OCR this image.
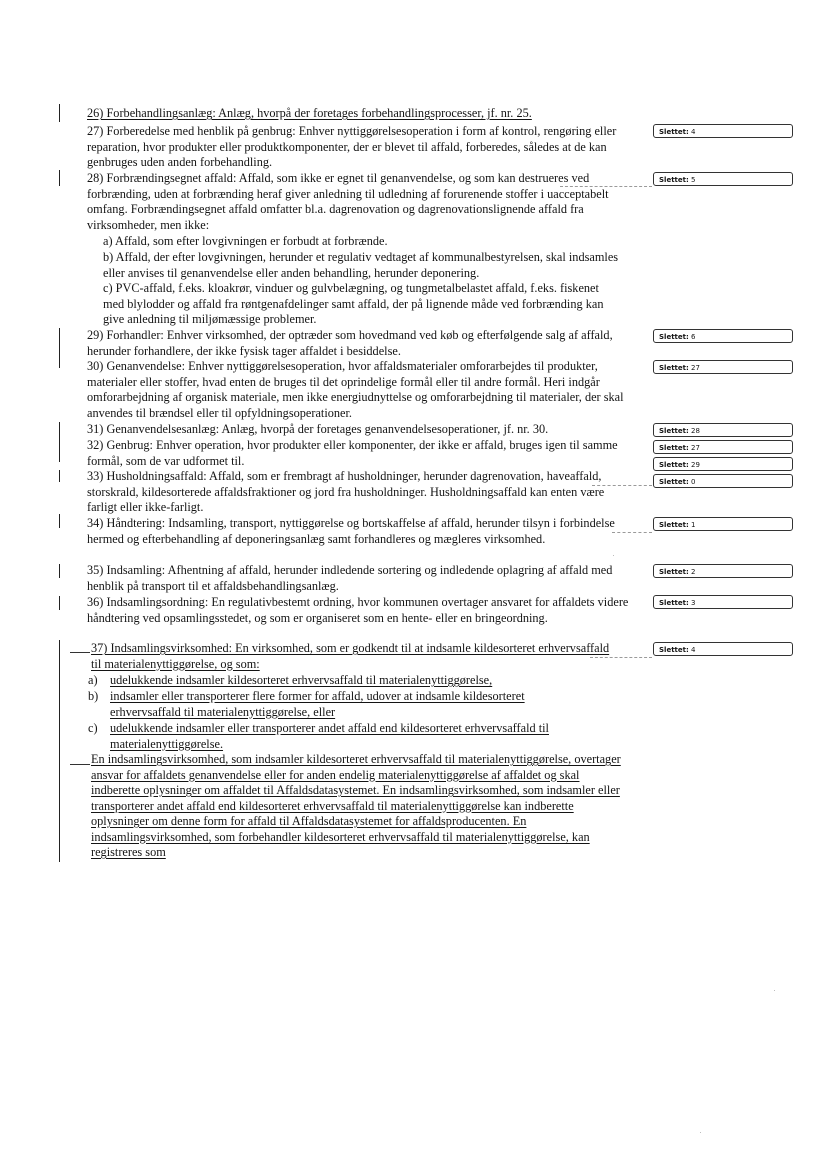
26) Forbehandlingsanlæg: Anlæg, hvorpå der foretages forbehandlingsprocesser, jf. nr. 25.
27) Forberedelse med henblik på genbrug: Enhver nyttiggørelsesoperation i form af kontrol, rengøring eller reparation, hvor produkter eller produktkomponenter, der er blevet til affald, forberedes, således at de kan genbruges uden anden forbehandling.
28) Forbrændingsegnet affald: Affald, som ikke er egnet til genanvendelse, og som kan destrueres ved forbrænding, uden at forbrænding heraf giver anledning til udledning af forurenende stoffer i uacceptabelt omfang. Forbrændingsegnet affald omfatter bl.a. dagrenovation og dagrenovationslignende affald fra virksomheder, men ikke:
a) Affald, som efter lovgivningen er forbudt at forbrænde.
b) Affald, der efter lovgivningen, herunder et regulativ vedtaget af kommunalbestyrelsen, skal indsamles eller anvises til genanvendelse eller anden behandling, herunder deponering.
c) PVC-affald, f.eks. kloakrør, vinduer og gulvbelægning, og tungmetalbelastet affald, f.eks. fiskenet med blylodder og affald fra røntgenafdelinger samt affald, der på lignende måde ved forbrænding kan give anledning til miljømæssige problemer.
29) Forhandler: Enhver virksomhed, der optræder som hovedmand ved køb og efterfølgende salg af affald, herunder forhandlere, der ikke fysisk tager affaldet i besiddelse.
30) Genanvendelse: Enhver nyttiggørelsesoperation, hvor affaldsmaterialer omforarbejdes til produkter, materialer eller stoffer, hvad enten de bruges til det oprindelige formål eller til andre formål. Heri indgår omforarbejdning af organisk materiale, men ikke energiudnyttelse og omforarbejdning til materialer, der skal anvendes til brændsel eller til opfyldningsoperationer.
31) Genanvendelsesanlæg: Anlæg, hvorpå der foretages genanvendelsesoperationer, jf. nr. 30.
32) Genbrug: Enhver operation, hvor produkter eller komponenter, der ikke er affald, bruges igen til samme formål, som de var udformet til.
33) Husholdningsaffald: Affald, som er frembragt af husholdninger, herunder dagrenovation, haveaffald, storskrald, kildesorterede affaldsfraktioner og jord fra husholdninger. Husholdningsaffald kan enten være farligt eller ikke-farligt.
34) Håndtering: Indsamling, transport, nyttiggørelse og bortskaffelse af affald, herunder tilsyn i forbindelse hermed og efterbehandling af deponeringsanlæg samt forhandleres og mægleres virksomhed.
35) Indsamling: Afhentning af affald, herunder indledende sortering og indledende oplagring af affald med henblik på transport til et affaldsbehandlingsanlæg.
36) Indsamlingsordning: En regulativbestemt ordning, hvor kommunen overtager ansvaret for affaldets videre håndtering ved opsamlingsstedet, og som er organiseret som en hente- eller en bringeordning.
37) Indsamlingsvirksomhed: En virksomhed, som er godkendt til at indsamle kildesorteret erhvervsaffald til materialenyttiggørelse, og som:
a) udelukkende indsamler kildesorteret erhvervsaffald til materialenyttiggørelse,
b) indsamler eller transporterer flere former for affald, udover at indsamle kildesorteret erhvervsaffald til materialenyttiggørelse, eller
c) udelukkende indsamler eller transporterer andet affald end kildesorteret erhvervsaffald til materialenyttiggørelse.
En indsamlingsvirksomhed, som indsamler kildesorteret erhvervsaffald til materialenyttiggørelse, overtager ansvar for affaldets genanvendelse eller for anden endelig materialenyttiggørelse af affaldet og skal indberette oplysninger om affaldet til Affaldsdatasystemet. En indsamlingsvirksomhed, som indsamler eller transporterer andet affald end kildesorteret erhvervsaffald til materialenyttiggørelse kan indberette oplysninger om denne form for affald til Affaldsdatasystemet for affaldsproducenten. En indsamlingsvirksomhed, som forbehandler kildesorteret erhvervsaffald til materialenyttiggørelse, kan registreres som
Slettet: 4
Slettet: 5
Slettet: 6
Slettet: 27
Slettet: 28
Slettet: 27
Slettet: 29
Slettet: 0
Slettet: 1
Slettet: 2
Slettet: 3
Slettet: 4
